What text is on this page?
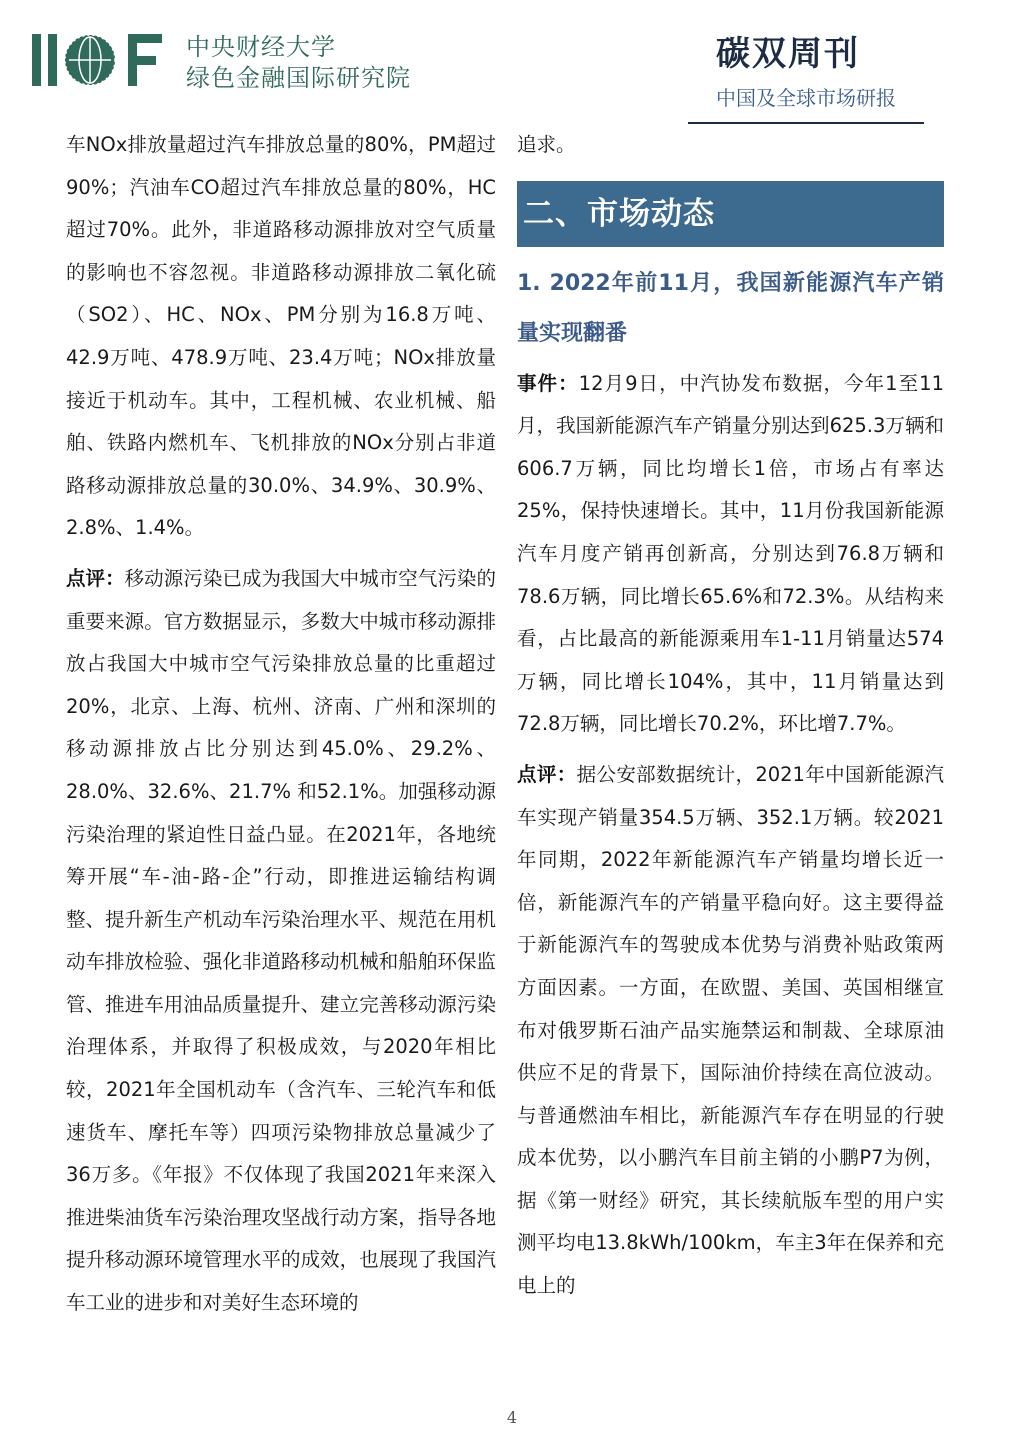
中央财经大学
绿色金融国际研究院
碳双周刊
中国及全球市场研报

车NOx排放量超过汽车排放总量的80%，PM超过90%；汽油车CO超过汽车排放总量的80%，HC超过70%。此外，非道路移动源排放对空气质量的影响也不容忽视。非道路移动源排放二氧化硫（SO2）、HC、NOx、PM分别为16.8万吨、42.9万吨、478.9万吨、23.4万吨；NOx排放量接近于机动车。其中，工程机械、农业机械、船舶、铁路内燃机车、飞机排放的NOx分别占非道路移动源排放总量的30.0%、34.9%、30.9%、2.8%、1.4%。

点评：移动源污染已成为我国大中城市空气污染的重要来源。官方数据显示，多数大中城市移动源排放占我国大中城市空气污染排放总量的比重超过20%，北京、上海、杭州、济南、广州和深圳的移动源排放占比分别达到45.0%、29.2%、28.0%、32.6%、21.7% 和52.1%。加强移动源污染治理的紧迫性日益凸显。在2021年，各地统筹开展“车-油-路-企”行动，即推进运输结构调整、提升新生产机动车污染治理水平、规范在用机动车排放检验、强化非道路移动机械和船舶环保监管、推进车用油品质量提升、建立完善移动源污染治理体系，并取得了积极成效，与2020年相比较，2021年全国机动车（含汽车、三轮汽车和低速货车、摩托车等）四项污染物排放总量减少了36万多。《年报》不仅体现了我国2021年来深入推进柴油货车污染治理攻坚战行动方案，指导各地提升移动源环境管理水平的成效，也展现了我国汽车工业的进步和对美好生态环境的

追求。

二、市场动态
1. 2022年前11月，我国新能源汽车产销量实现翻番

事件：12月9日，中汽协发布数据，今年1至11月，我国新能源汽车产销量分别达到625.3万辆和606.7万辆，同比均增长1倍，市场占有率达25%，保持快速增长。其中，11月份我国新能源汽车月度产销再创新高，分别达到76.8万辆和78.6万辆，同比增长65.6%和72.3%。从结构来看，占比最高的新能源乘用车1-11月销量达574万辆，同比增长104%，其中，11月销量达到72.8万辆，同比增长70.2%，环比增7.7%。

点评：据公安部数据统计，2021年中国新能源汽车实现产销量354.5万辆、352.1万辆。较2021年同期，2022年新能源汽车产销量均增长近一倍，新能源汽车的产销量平稳向好。这主要得益于新能源汽车的驾驶成本优势与消费补贴政策两方面因素。一方面，在欧盟、美国、英国相继宣布对俄罗斯石油产品实施禁运和制裁、全球原油供应不足的背景下，国际油价持续在高位波动。与普通燃油车相比，新能源汽车存在明显的行驶成本优势，以小鹏汽车目前主销的小鹏P7为例，据《第一财经》研究，其长续航版车型的用户实测平均电13.8kWh/100km，车主3年在保养和充电上的

4
